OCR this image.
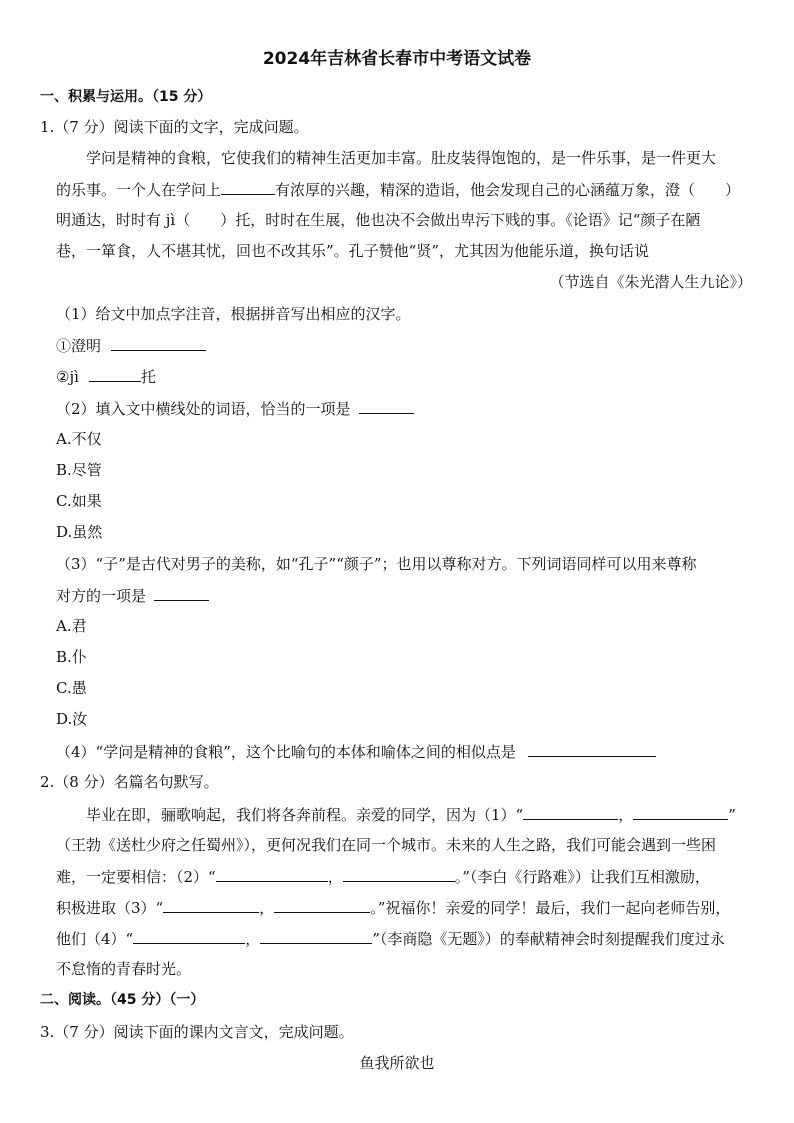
2024年吉林省长春市中考语文试卷
一、积累与运用。（15 分）
1.（7 分）阅读下面的文字，完成问题。
学问是精神的食粮，它使我们的精神生活更加丰富。肚皮装得饱饱的，是一件乐事，是一件更大
的乐事。一个人在学问上	有浓厚的兴趣，精深的造诣，他会发现自己的心涵蕴万象，澄（ ）
明通达，时时有 jì（ ）托，时时在生展，他也决不会做出卑污下贱的事。《论语》记“颜子在陋
巷，一箪食，人不堪其忧，回也不改其乐”。孔子赞他“贤”，尤其因为他能乐道，换句话说
（节选自《朱光潜人生九论》）
（1）给文中加点字注音，根据拼音写出相应的汉字。
①澄明
②jì	托
（2）填入文中横线处的词语，恰当的一项是
A.不仅
B.尽管
C.如果
D.虽然
（3）“子”是古代对男子的美称，如“孔子”“颜子”；也用以尊称对方。下列词语同样可以用来尊称
对方的一项是
A.君
B.仆
C.愚
D.汝
（4）“学问是精神的食粮”，这个比喻句的本体和喻体之间的相似点是
2.（8 分）名篇名句默写。
毕业在即，骊歌响起，我们将各奔前程。亲爱的同学，因为（1）“	，	”
（王勃《送杜少府之任蜀州》），更何况我们在同一个城市。未来的人生之路，我们可能会遇到一些困
难，一定要相信：（2）“	，	。”（李白《行路难》）让我们互相激励，
积极进取（3）“	，	。”祝福你！亲爱的同学！最后，我们一起向老师告别，
他们（4）“	，	”（李商隐《无题》）的奉献精神会时刻提醒我们度过永
不怠惰的青春时光。
二、阅读。（45 分）（一）
3.（7 分）阅读下面的课内文言文，完成问题。
鱼我所欲也
